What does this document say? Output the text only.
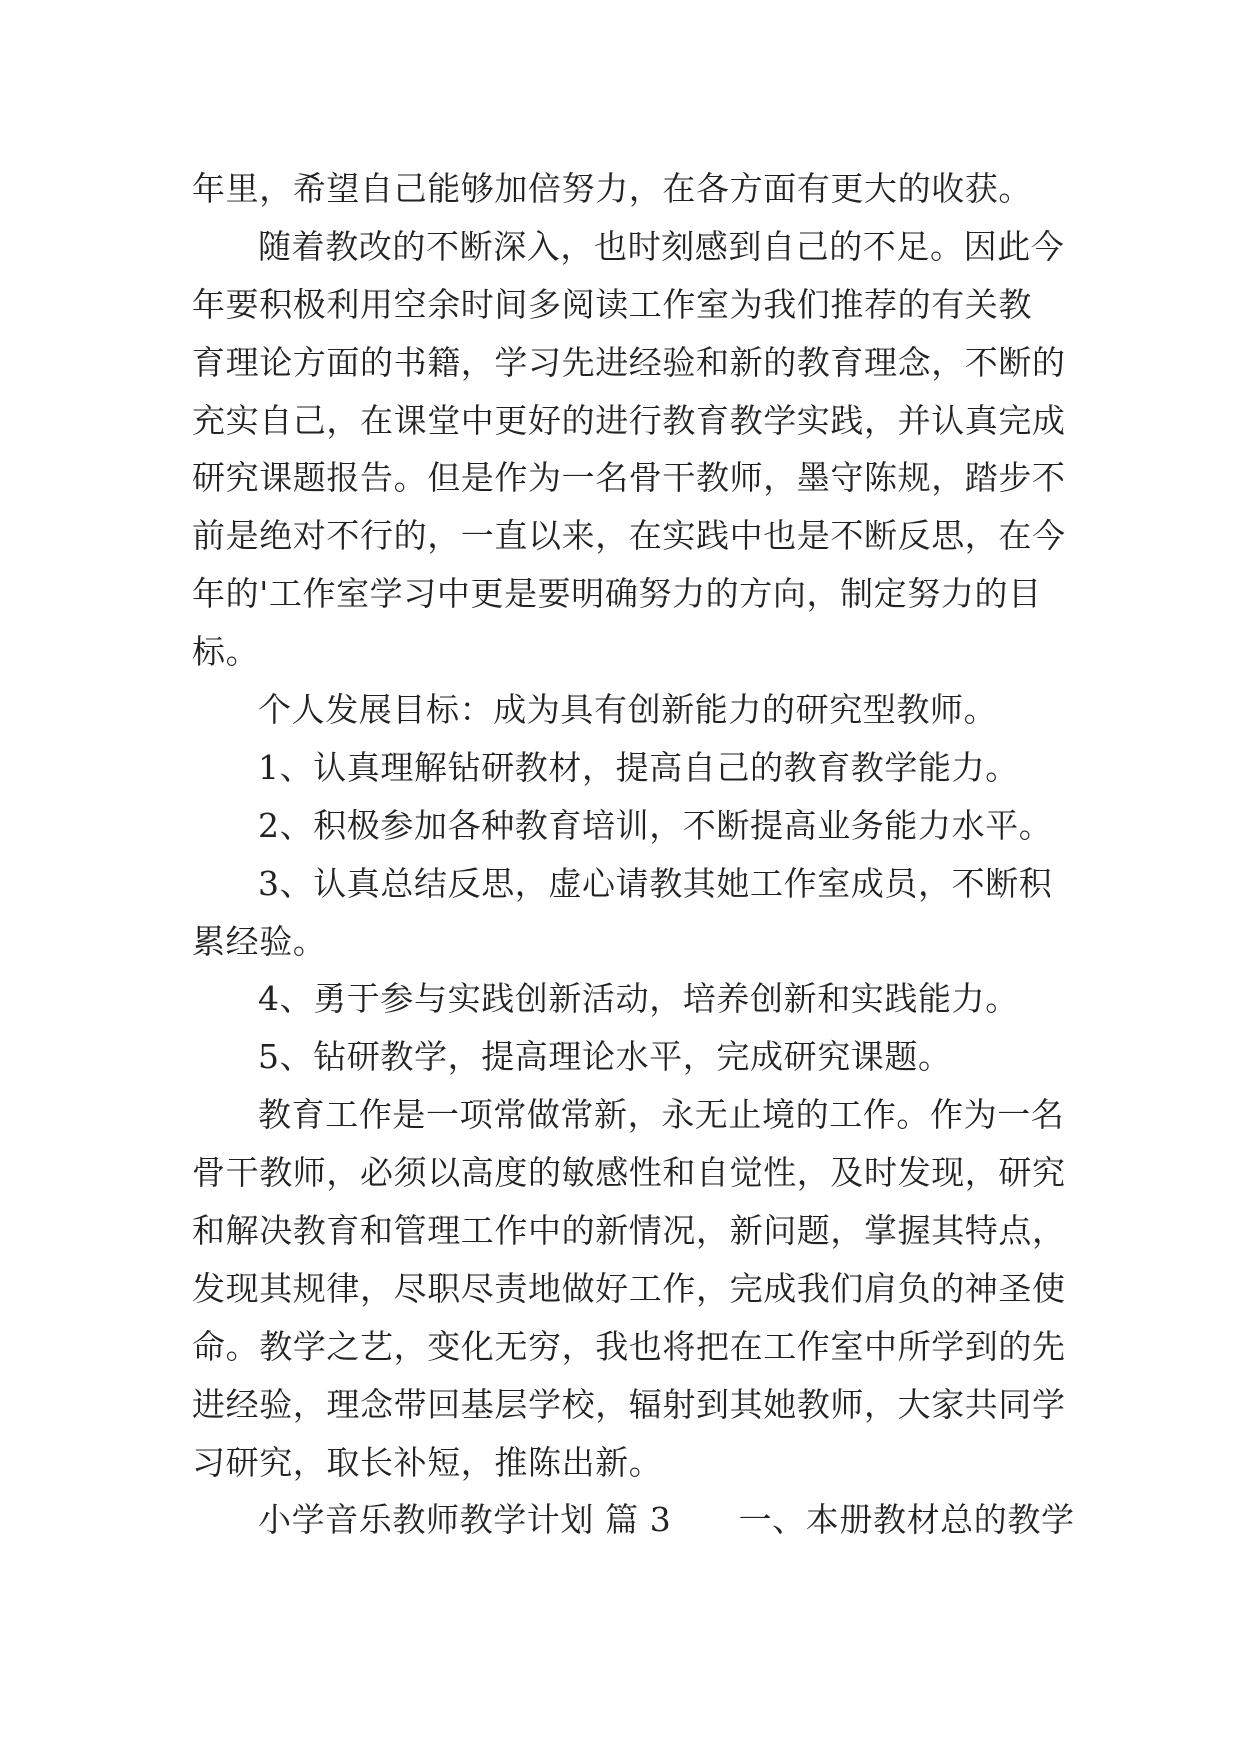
年里，希望自己能够加倍努力，在各方面有更大的收获。
随着教改的不断深入，也时刻感到自己的不足。因此今
年要积极利用空余时间多阅读工作室为我们推荐的有关教
育理论方面的书籍，学习先进经验和新的教育理念，不断的
充实自己，在课堂中更好的进行教育教学实践，并认真完成
研究课题报告。但是作为一名骨干教师，墨守陈规，踏步不
前是绝对不行的，一直以来，在实践中也是不断反思，在今
年的'工作室学习中更是要明确努力的方向，制定努力的目
标。
个人发展目标：成为具有创新能力的研究型教师。
1、认真理解钻研教材，提高自己的教育教学能力。
2、积极参加各种教育培训，不断提高业务能力水平。
3、认真总结反思，虚心请教其她工作室成员，不断积
累经验。
4、勇于参与实践创新活动，培养创新和实践能力。
5、钻研教学，提高理论水平，完成研究课题。
教育工作是一项常做常新，永无止境的工作。作为一名
骨干教师，必须以高度的敏感性和自觉性，及时发现，研究
和解决教育和管理工作中的新情况，新问题，掌握其特点，
发现其规律，尽职尽责地做好工作，完成我们肩负的神圣使
命。教学之艺，变化无穷，我也将把在工作室中所学到的先
进经验，理念带回基层学校，辐射到其她教师，大家共同学
习研究，取长补短，推陈出新。
小学音乐教师教学计划 篇 3　　一、本册教材总的教学
